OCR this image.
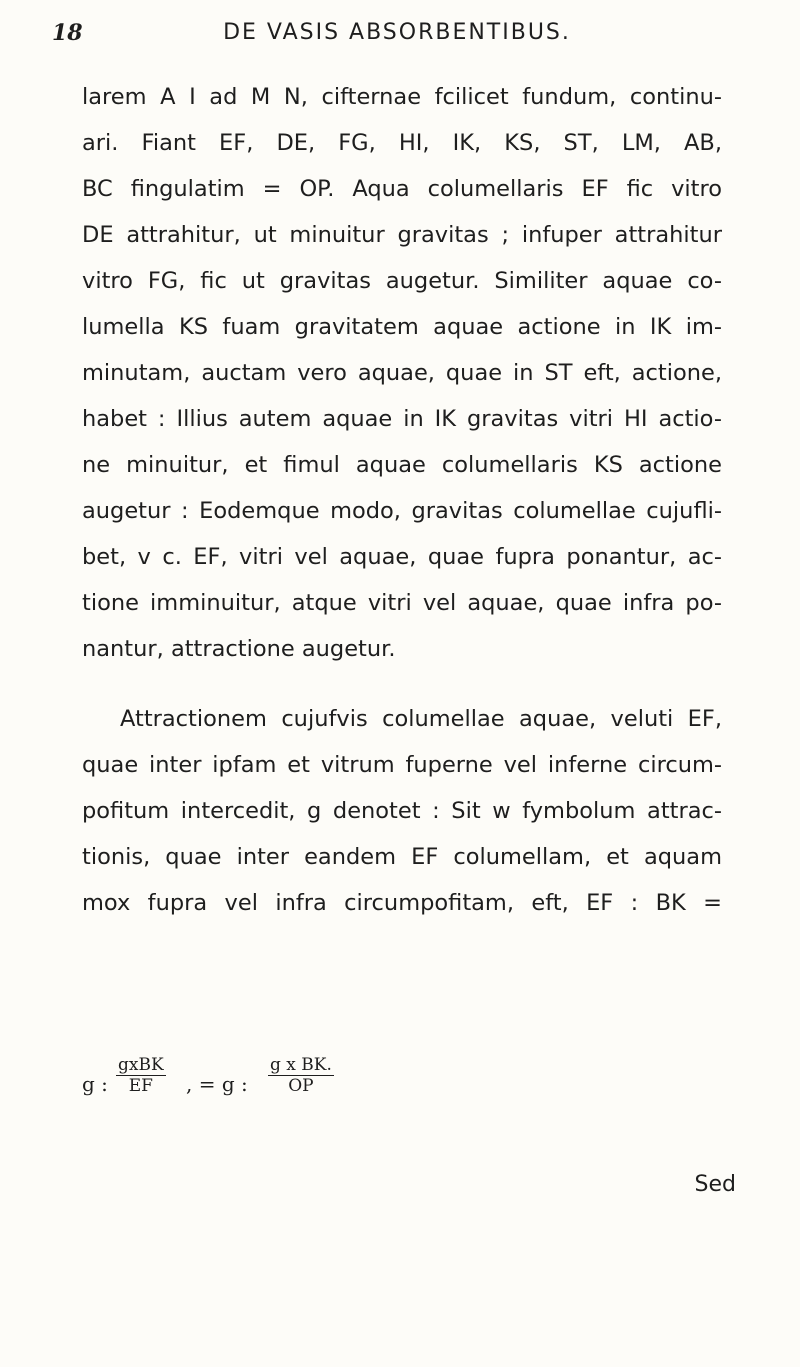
18	DE VASIS ABSORBENTIBUS.
larem A I ad M N, cifternae fcilicet fundum, continu-
ari. Fiant EF, DE, FG, HI, IK, KS, ST, LM, AB,
BC fingulatim = OP. Aqua columellaris EF fic vitro
DE attrahitur, ut minuitur gravitas ; infuper attrahitur
vitro FG, fic ut gravitas augetur. Similiter aquae co-
lumella KS fuam gravitatem aquae actione in IK im-
minutam, auctam vero aquae, quae in ST eft, actione,
habet : Illius autem aquae in IK gravitas vitri HI actio-
ne minuitur, et fimul aquae columellaris KS actione
augetur : Eodemque modo, gravitas columellae cujufli-
bet, v c. EF, vitri vel aquae, quae fupra ponantur, ac-
tione imminuitur, atque vitri vel aquae, quae infra po-
nantur, attractione augetur.
Attractionem cujufvis columellae aquae, veluti EF,
quae inter ipfam et vitrum fuperne vel inferne circum-
pofitum intercedit, g denotet : Sit w fymbolum attrac-
tionis, quae inter eandem EF columellam, et aquam
mox fupra vel infra circumpofitam, eft, EF : BK =
g :
gxBK
EF	, = g : $\frac{\text{g x BK.}}{OP}$
Sed
